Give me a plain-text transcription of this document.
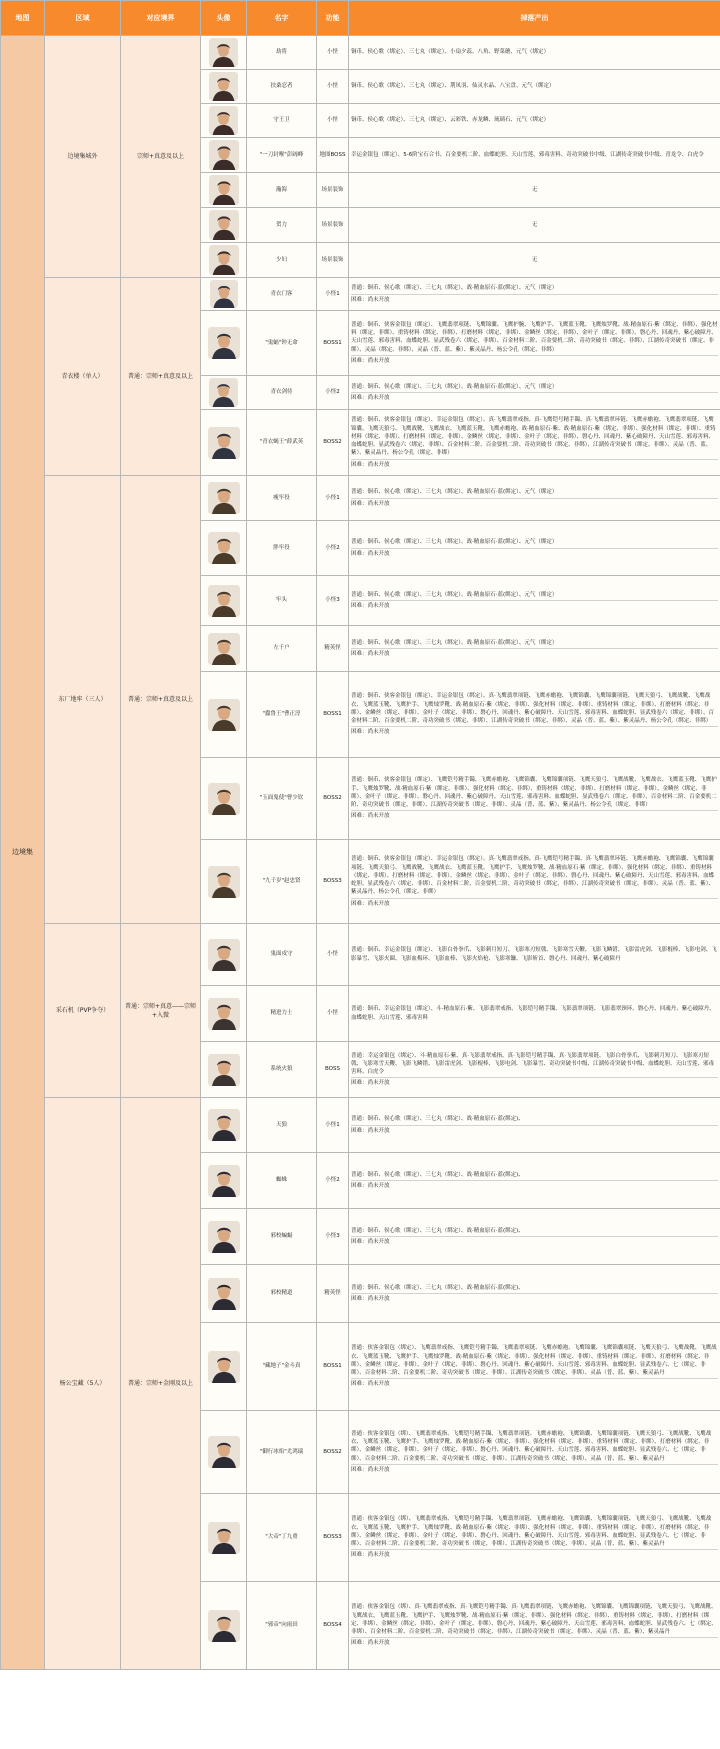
地图	区域	对应境界	头像	名字	功能	掉落产出
边境集	边境集城外	宗师+真意及以上		劫将	小怪	铜币、侯心歌（绑定）、三七丸（绑定）、小扇夕蕊、八角、野菜蘑、元气（绑定）

	扶桑忍者	小怪	铜币、侯心歌（绑定）、三七丸（绑定）、荆凤羽、仙灵水晶、八宝盘、元气（绑定）

	守王卫	小怪	铜币、侯心歌（绑定）、三七丸（绑定）、云彩铁、赤龙鳞、琉璃石、元气（绑定）

	"一刀封喉"彭阔峰	地图BOSS	幸运金银包（绑定）、5-6阶宝石合书、百金要机二阶、血蝶蛇胆、天山雪莲、邪毒害料、奇功突破书中级、江湖传奇突破书中级、青龙令、白虎令

	瀚海	场景装饰	无

	贺力	场景装饰	无

	少妇	场景装饰	无

	青衣楼（单人）	普通：宗师+真意及以上		青衣门客	小怪1	普通：铜币、侯心歌（绑定）、三七丸（绑定）、战·精血原石·蓝(绑定）、元气（绑定）
困难：尚未开放

	"鬼蝠"钟无命	BOSS1	普通：铜币、侠客金银包（绑定）、飞鹰翡翠项链、飞鹰锦囊、飞鹰护腕、飞鹰护手、飞鹰蓝玉靴、飞鹰烛罗靴、战·精血原石·紫（绑定、非绑）、强化材料（绑定、非绑）、重铸材料（绑定、非绑）、打磨材料（绑定、非绑）、金鳞丝（绑定、非绑）、金叶子（绑定、非绑）、磐心丹、回魂丹、紫心破障丹、天山雪莲、邪毒害料、血蝶蛇胆、显武残卷六（绑定、非绑）、百金材料二阶、百金要机二阶、奇功突破书（绑定、非绑）、江湖传奇突破书（绑定、非绑）、灵晶（绑定、非绑）、灵晶（普、蓝、紫）、紫灵晶丹、杨公令孔（绑定、非绑）
困难：尚未开放

	青衣剑侍	小怪2	普通：铜币、侯心歌（绑定）、三七丸（绑定）、战·精血原石·蓝(绑定）、元气（绑定）
困难：尚未开放

	"青衣蝎王"薛武英	BOSS2	普通：铜币、侠客金银包（绑定）、幸运金银包（绑定）、真·飞鹰翡翠戒指、真·飞鹰铠号精手镯、真·飞鹰翡翠环链、飞鹰赤蟾袍、飞鹰翡翠项链、飞鹰锦囊、飞鹰天狼弓、飞鹰战靴、飞鹰战衣、飞鹰蓝玉靴、飞鹰赤蟾袍、战·精血原石·紫、战·精血原石·紫（绑定、非绑）、强化材料（绑定、非绑）、重铸材料（绑定、非绑）、打磨材料（绑定、非绑）、金鳞丝（绑定、非绑）、金叶子（绑定、非绑）、磐心丹、回魂丹、紫心破障丹、天山雪莲、邪毒害料、血蝶蛇胆、显武残卷六（绑定、非绑）、百金材料二阶、百金要机二阶、奇功突破书（绑定、非绑）、江湖传奇突破书（绑定、非绑）、灵晶（普、蓝、紫）、紫灵晶丹、杨公令孔（绑定、非绑）
困难：尚未开放

	东厂地牢（三人）	普通：宗师+真意及以上		瘦牢役	小怪1	普通：铜币、侯心歌（绑定）、三七丸（绑定）、战·精血原石·蓝(绑定）、元气（绑定）
困难：尚未开放

	胖牢役	小怪2	普通：铜币、侯心歌（绑定）、三七丸（绑定）、战·精血原石·蓝(绑定）、元气（绑定）
困难：尚未开放

	牢头	小怪3	普通：铜币、侯心歌（绑定）、三七丸（绑定）、战·精血原石·蓝(绑定）、元气（绑定）
困难：尚未开放

	左千户	精英怪	普通：铜币、侯心歌（绑定）、三七丸（绑定）、战·精血原石·蓝(绑定）、元气（绑定）
困难：尚未开放

	"蠹鲁王"曹正淳	BOSS1	普通：铜币、侠客金银包（绑定）、幸运金银包（绑定）、真·飞鹰翡翠项链、飞鹰赤蟾袍、飞鹰锦囊、飞鹰锦囊项链、飞鹰天狼弓、飞鹰战靴、飞鹰战衣、飞鹰蓝玉靴、飞鹰护手、飞鹰烛罗靴、战·精血原石·紫（绑定、非绑）、强化材料（绑定、非绑）、重铸材料（绑定、非绑）、打磨材料（绑定、非绑）、金鳞丝（绑定、非绑）、金叶子（绑定、非绑）、磐心丹、回魂丹、紫心破障丹、天山雪莲、邪毒害料、血蝶蛇胆、显武残卷六（绑定、非绑）、百金材料二阶、百金要机二阶、奇功突破书（绑定、非绑）、江湖传奇突破书（绑定、非绑）、灵晶（普、蓝、紫）、紫灵晶丹、杨公令孔（绑定、非绑）
困难：尚未开放

	"玉面鬼使"曹少钦	BOSS2	普通：铜币、侠客金银包（绑定）、飞鹰铠号精手镯、飞鹰赤蟾袍、飞鹰锦囊、飞鹰锦囊项链、飞鹰天狼弓、飞鹰战靴、飞鹰战衣、飞鹰蓝玉靴、飞鹰护手、飞鹰烛罗靴、战·精血原石·紫（绑定、非绑）、强化材料（绑定、非绑）、重铸材料（绑定、非绑）、打磨材料（绑定、非绑）、金鳞丝（绑定、非绑）、金叶子（绑定、非绑）、磐心丹、回魂丹、紫心破障丹、天山雪莲、邪毒害料、血蝶蛇胆、显武残卷六（绑定、非绑）、百金材料二阶、百金要机二阶、奇功突破书（绑定、非绑）、江湖传奇突破书（绑定、非绑）、灵晶（普、蓝、紫）、紫灵晶丹、杨公令孔（绑定、非绑）
困难：尚未开放

	"九千岁"赵忠贤	BOSS3	普通：铜币、侠客金银包（绑定）、幸运金银包（绑定）、真·飞鹰翡翠戒指、真·飞鹰铠号精手镯、真·飞鹰翡翠环链、飞鹰赤蟾袍、飞鹰锦囊、飞鹰锦囊项链、飞鹰天狼弓、飞鹰战靴、飞鹰战衣、飞鹰蓝玉靴、飞鹰护手、飞鹰烛罗靴、战·精血原石·紫（绑定、非绑）、强化材料（绑定、非绑）、重铸材料（绑定、非绑）、打磨材料（绑定、非绑）、金鳞丝（绑定、非绑）、金叶子（绑定、非绑）、磐心丹、回魂丹、紫心破障丹、天山雪莲、邪毒害料、血蝶蛇胆、显武残卷六（绑定、非绑）、百金材料二阶、百金要机二阶、奇功突破书（绑定、非绑）、江湖传奇突破书（绑定、非绑）、灵晶（普、蓝、紫）、紫灵晶丹、杨公令孔（绑定、非绑）
困难：尚未开放

	采石机（PVP争夺）	普通：宗师+真意——宗师+入微		鬼面戍守	小怪	普通：铜币、幸运金银包（绑定）、飞影白骨拳爪、飞影刺月短刀、飞影寒刃短戟、飞影寒雪天鞭、飞影飞鳞错、飞影雷虎剑、飞影棍棒、飞影电剑、飞影暴雪、飞影火圈、飞影血梅环、飞影血棒、飞影火焰枪、飞影寒镰、飞影斩首、磐心丹、回魂丹、紫心破障丹

	精进力士	小怪	普通：铜币、幸运金银包（绑定）、斗·精血原石·紫、飞影翡翠戒指、飞影铠号精手镯、飞影翡翠项链、飞影翡翠颈环、磐心丹、回魂丹、紫心破障丹、血蝶蛇胆、天山雪莲、邪毒害料

	系统火狼	BOSS	普通：幸运金银包（绑定）、斗·精血原石·紫、真·飞影翡翠戒指、真·飞影铠号精手镯、真·飞影翡翠项链、飞影白骨拳爪、飞影刺月短刀、飞影寒刃短戟、飞影寒雪天鞭、飞影飞鳞错、飞影雷虎剑、飞影棍棒、飞影电剑、飞影暴雪、奇功突破书中级、江湖传奇突破书中级、血蝶蛇胆、天山雪莲、邪毒害料、白虎令
困难：尚未开放

	杨公宝藏（5人）	普通：宗师+金刚及以上		天狼	小怪1	普通：铜币、侯心歌（绑定）、三七丸（绑定）、战·精血原石·蓝(绑定)、
困难：尚未开放

	蜘蛛	小怪2	普通：铜币、侯心歌（绑定）、三七丸（绑定）、战·精血原石·蓝(绑定)、
困难：尚未开放

	邪校蝙蝠	小怪3	普通：铜币、侯心歌（绑定）、三七丸（绑定）、战·精血原石·蓝(绑定)、
困难：尚未开放

	邪校精道	精英怪	普通：铜币、侯心歌（绑定）、三七丸（绑定）、战·精血原石·蓝(绑定)、
困难：尚未开放

	"藏地子"金斗真	BOSS1	普通：侠客金银包（绑定）、飞鹰翡翠戒指、飞鹰铠号精手镯、飞鹰翡翠项链、飞鹰赤蟾袍、飞鹰锦囊、飞鹰锦囊项链、飞鹰天狼弓、飞鹰战靴、飞鹰战衣、飞鹰蓝玉靴、飞鹰护手、飞鹰烛罗靴、战·精血原石·紫（绑定、非绑）、强化材料（绑定、非绑）、重铸材料（绑定、非绑）、打磨材料（绑定、非绑）、金鳞丝（绑定、非绑）、金叶子（绑定、非绑）、磐心丹、回魂丹、紫心破障丹、天山雪莲、邪毒害料、血蝶蛇胆、显武残卷六、七（绑定、非绑）、百金材料二阶、百金要机二阶、奇功突破书（绑定、非绑）、江湖传奇突破书（绑定、非绑）、灵晶（普、蓝、紫）、紫灵晶丹
困难：尚未开放

	"御行冰焰"尤鸿瑞	BOSS2	普通：侠客金银包（绑）、飞鹰翡翠戒指、飞鹰铠号精手镯、飞鹰翡翠项链、飞鹰赤蟾袍、飞鹰锦囊、飞鹰锦囊项链、飞鹰天狼弓、飞鹰战靴、飞鹰战衣、飞鹰蓝玉靴、飞鹰护手、飞鹰烛罗靴、战·精血原石·紫（绑定、非绑）、强化材料（绑定、非绑）、重铸材料（绑定、非绑）、打磨材料（绑定、非绑）、金鳞丝（绑定、非绑）、金叶子（绑定、非绑）、磐心丹、回魂丹、紫心破障丹、天山雪莲、邪毒害料、血蝶蛇胆、显武残卷六、七（绑定、非绑）、百金材料二阶、百金要机二阶、奇功突破书（绑定、非绑）、江湖传奇突破书（绑定、非绑）、灵晶（普、蓝、紫）、紫灵晶丹
困难：尚未开放

	"大帝"丁九重	BOSS3	普通：侠客金银包（绑）、飞鹰翡翠戒指、飞鹰铠号精手镯、飞鹰翡翠项链、飞鹰赤蟾袍、飞鹰锦囊、飞鹰锦囊项链、飞鹰天狼弓、飞鹰战靴、飞鹰战衣、飞鹰蓝玉靴、飞鹰护手、飞鹰烛罗靴、战·精血原石·紫（绑定、非绑）、强化材料（绑定、非绑）、重铸材料（绑定、非绑）、打磨材料（绑定、非绑）、金鳞丝（绑定、非绑）、金叶子（绑定、非绑）、磐心丹、回魂丹、紫心破障丹、天山雪莲、邪毒害料、血蝶蛇胆、显武残卷六、七（绑定、非绑）、百金材料二阶、百金要机二阶、奇功突破书（绑定、非绑）、江湖传奇突破书（绑定、非绑）、灵晶（普、蓝、紫）、紫灵晶丹
困难：尚未开放

	"邪帝"向雨田	BOSS4	普通：侠客金银包（绑）、真·飞鹰翡翠戒指、真·飞鹰铠号精手镯、真·飞鹰翡翠项链、飞鹰赤蟾袍、飞鹰锦囊、飞鹰锦囊项链、飞鹰天狼弓、飞鹰战靴、飞鹰战衣、飞鹰蓝玉靴、飞鹰护手、飞鹰烛罗靴、战·精血原石·紫（绑定、非绑）、强化材料（绑定、非绑）、重铸材料（绑定、非绑）、打磨材料（绑定、非绑）、金鳞丝（绑定、非绑）、金叶子（绑定、非绑）、磐心丹、回魂丹、紫心破障丹、天山雪莲、邪毒害料、血蝶蛇胆、显武残卷六、七（绑定、非绑）、百金材料二阶、百金要机二阶、奇功突破书（绑定、非绑）、江湖传奇突破书（绑定、非绑）、灵晶（普、蓝、紫）、紫灵晶丹
困难：尚未开放
